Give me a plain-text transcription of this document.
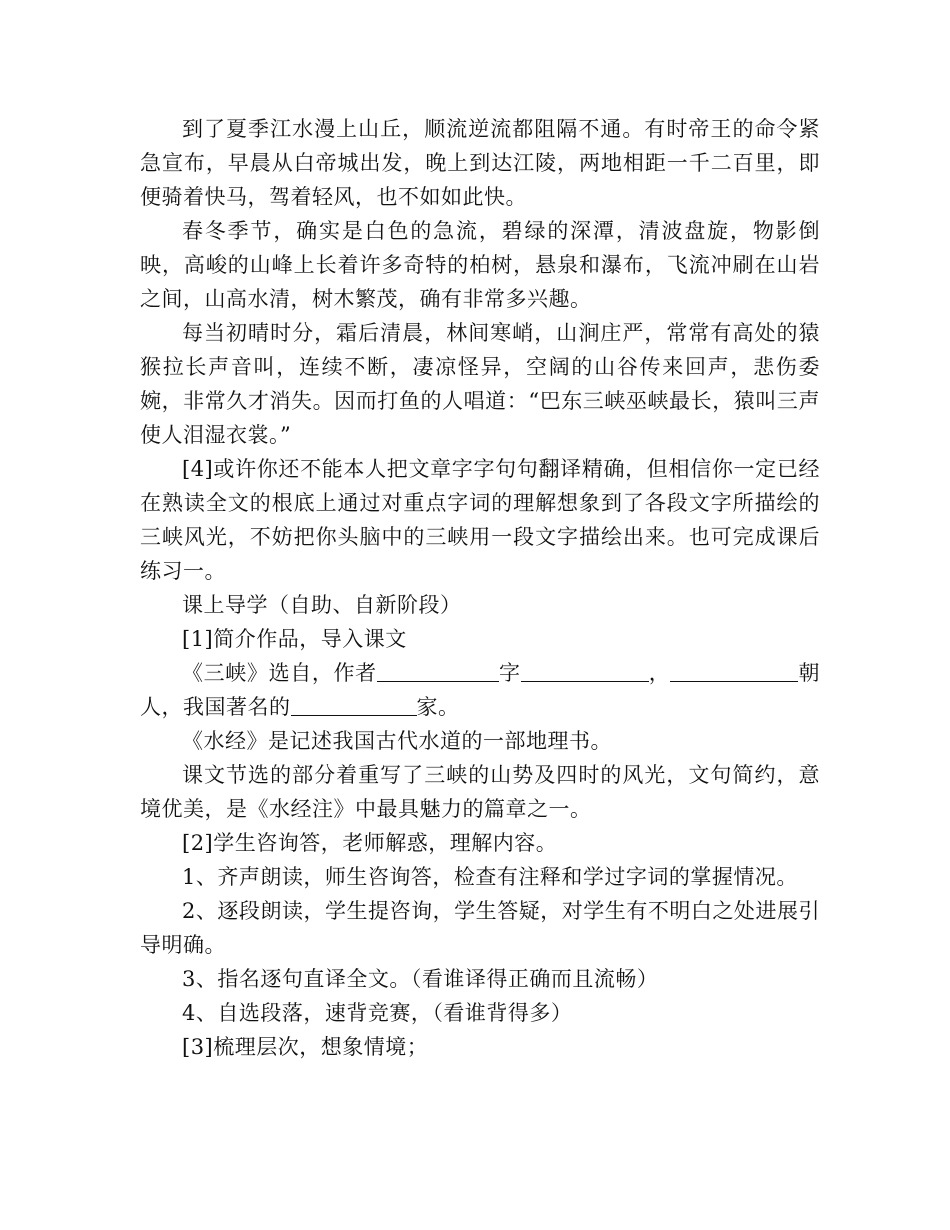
到了夏季江水漫上山丘，顺流逆流都阻隔不通。有时帝王的命令紧急宣布，早晨从白帝城出发，晚上到达江陵，两地相距一千二百里，即便骑着快马，驾着轻风，也不如如此快。

春冬季节，确实是白色的急流，碧绿的深潭，清波盘旋，物影倒映，高峻的山峰上长着许多奇特的柏树，悬泉和瀑布，飞流冲刷在山岩之间，山高水清，树木繁茂，确有非常多兴趣。

每当初晴时分，霜后清晨，林间寒峭，山涧庄严，常常有高处的猿猴拉长声音叫，连续不断，凄凉怪异，空阔的山谷传来回声，悲伤委婉，非常久才消失。因而打鱼的人唱道：“巴东三峡巫峡最长，猿叫三声使人泪湿衣裳。”

[4]或许你还不能本人把文章字字句句翻译精确，但相信你一定已经在熟读全文的根底上通过对重点字词的理解想象到了各段文字所描绘的三峡风光，不妨把你头脑中的三峡用一段文字描绘出来。也可完成课后练习一。

课上导学（自助、自新阶段）

[1]简介作品，导入课文

《三峡》选自，作者	字	，	朝人，我国著名的	家。

《水经》是记述我国古代水道的一部地理书。

课文节选的部分着重写了三峡的山势及四时的风光，文句简约，意境优美，是《水经注》中最具魅力的篇章之一。

[2]学生咨询答，老师解惑，理解内容。

1、齐声朗读，师生咨询答，检查有注释和学过字词的掌握情况。

2、逐段朗读，学生提咨询，学生答疑，对学生有不明白之处进展引导明确。

3、指名逐句直译全文。（看谁译得正确而且流畅）

4、自选段落，速背竞赛，（看谁背得多）

[3]梳理层次，想象情境；
